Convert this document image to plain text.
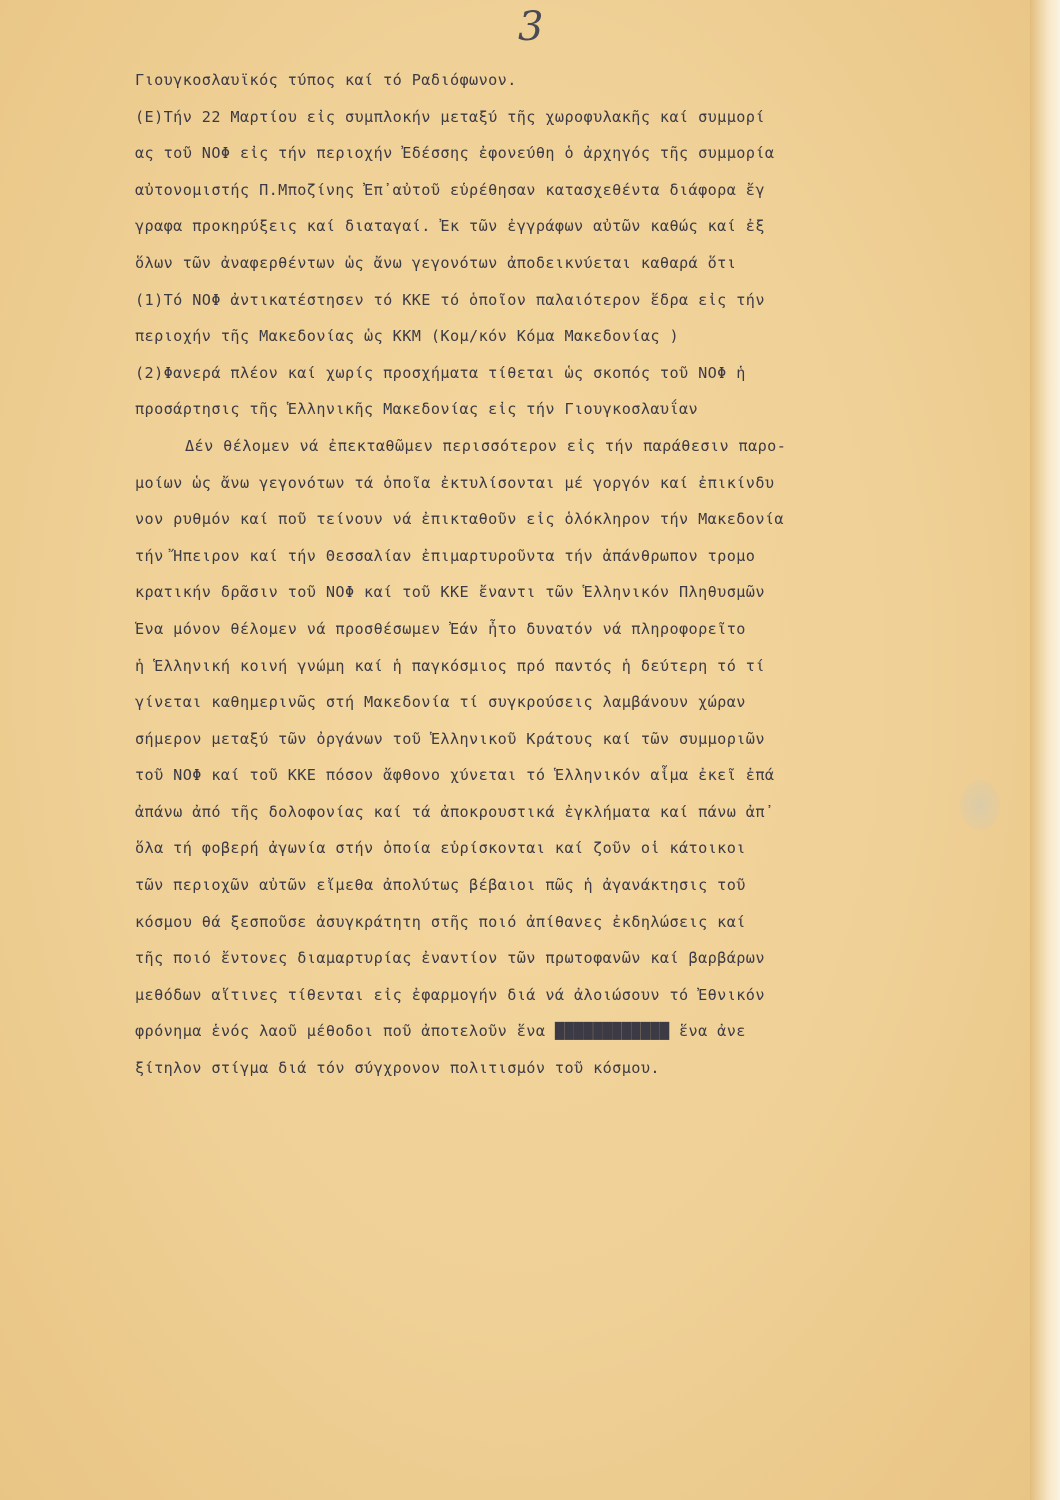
3
Γιουγκοσλαυϊκός τύπος καί τό Ραδιόφωνον.
(Ε)Τήν 22 Μαρτίου εἰς συμπλοκήν μεταξύ τῆς χωροφυλακῆς καί συμμορί
ας τοῦ ΝΟΦ εἰς τήν περιοχήν Ἐδέσσης ἐφονεύθη ὁ ἀρχηγός τῆς συμμορία
αὐτονομιστής Π.Μποζίνης Ἐπ᾽αὐτοῦ εὑρέθησαν κατασχεθέντα διάφορα ἔγ
γραφα προκηρύξεις καί διαταγαί. Ἐκ τῶν ἐγγράφων αὐτῶν καθώς καί ἐξ
ὅλων τῶν ἀναφερθέντων ὡς ἄνω γεγονότων ἀποδεικνύεται καθαρά ὅτι
(1)Τό ΝΟΦ ἀντικατέστησεν τό ΚΚΕ τό ὁποῖον παλαιότερον ἕδρα εἰς τήν
περιοχήν τῆς Μακεδονίας ὡς ΚΚΜ (Κομ/κόν Κόμα Μακεδονίας )
(2)Φανερά πλέον καί χωρίς προσχήματα τίθεται ὡς σκοπός τοῦ ΝΟΦ ἡ
προσάρτησις τῆς Ἑλληνικῆς Μακεδονίας εἰς τήν Γιουγκοσλαυΐαν
Δέν θέλομεν νά ἐπεκταθῶμεν περισσότερον εἰς τήν παράθεσιν παρο-
μοίων ὡς ἄνω γεγονότων τά ὁποῖα ἐκτυλίσονται μέ γοργόν καί ἐπικίνδυ
νον ρυθμόν καί ποῦ τείνουν νά ἐπικταθοῦν εἰς ὁλόκληρον τήν Μακεδονία
τήν Ἤπειρον καί τήν Θεσσαλίαν ἐπιμαρτυροῦντα τήν ἀπάνθρωπον τρομο
κρατικήν δρᾶσιν τοῦ ΝΟΦ καί τοῦ ΚΚΕ ἔναντι τῶν Ἑλληνικόν Πληθυσμῶν
Ἕνα μόνον θέλομεν νά προσθέσωμεν Ἐάν ἦτο δυνατόν νά πληροφορεῖτο
ἡ Ἑλληνική κοινή γνώμη καί ἡ παγκόσμιος πρό παντός ἡ δεύτερη τό τί
γίνεται καθημερινῶς στή Μακεδονία τί συγκρούσεις λαμβάνουν χώραν
σήμερον μεταξύ τῶν ὀργάνων τοῦ Ἑλληνικοῦ Κράτους καί τῶν συμμοριῶν
τοῦ ΝΟΦ καί τοῦ ΚΚΕ πόσον ἄφθονο χύνεται τό Ἑλληνικόν αἷμα ἐκεῖ ἐπά
ἀπάνω ἀπό τῆς δολοφονίας καί τά ἀποκρουστικά ἐγκλήματα καί πάνω ἀπ᾽
ὅλα τή φοβερή ἀγωνία στήν ὁποία εὑρίσκονται καί ζοῦν οἱ κάτοικοι
τῶν περιοχῶν αὐτῶν εἴμεθα ἀπολύτως βέβαιοι πῶς ἡ ἀγανάκτησις τοῦ
κόσμου θά ξεσποῦσε ἀσυγκράτητη στῆς ποιό ἀπίθανες ἐκδηλώσεις καί
τῆς ποιό ἔντονες διαμαρτυρίας ἐναντίον τῶν πρωτοφανῶν καί βαρβάρων
μεθόδων αἵτινες τίθενται εἰς ἐφαρμογήν διά νά ἀλοιώσουν τό Ἐθνικόν
φρόνημα ἑνός λαοῦ μέθοδοι ποῦ ἀποτελοῦν ἕνα ████████████ ἕνα ἀνε
ξίτηλον στίγμα διά τόν σύγχρονον πολιτισμόν τοῦ κόσμου.
